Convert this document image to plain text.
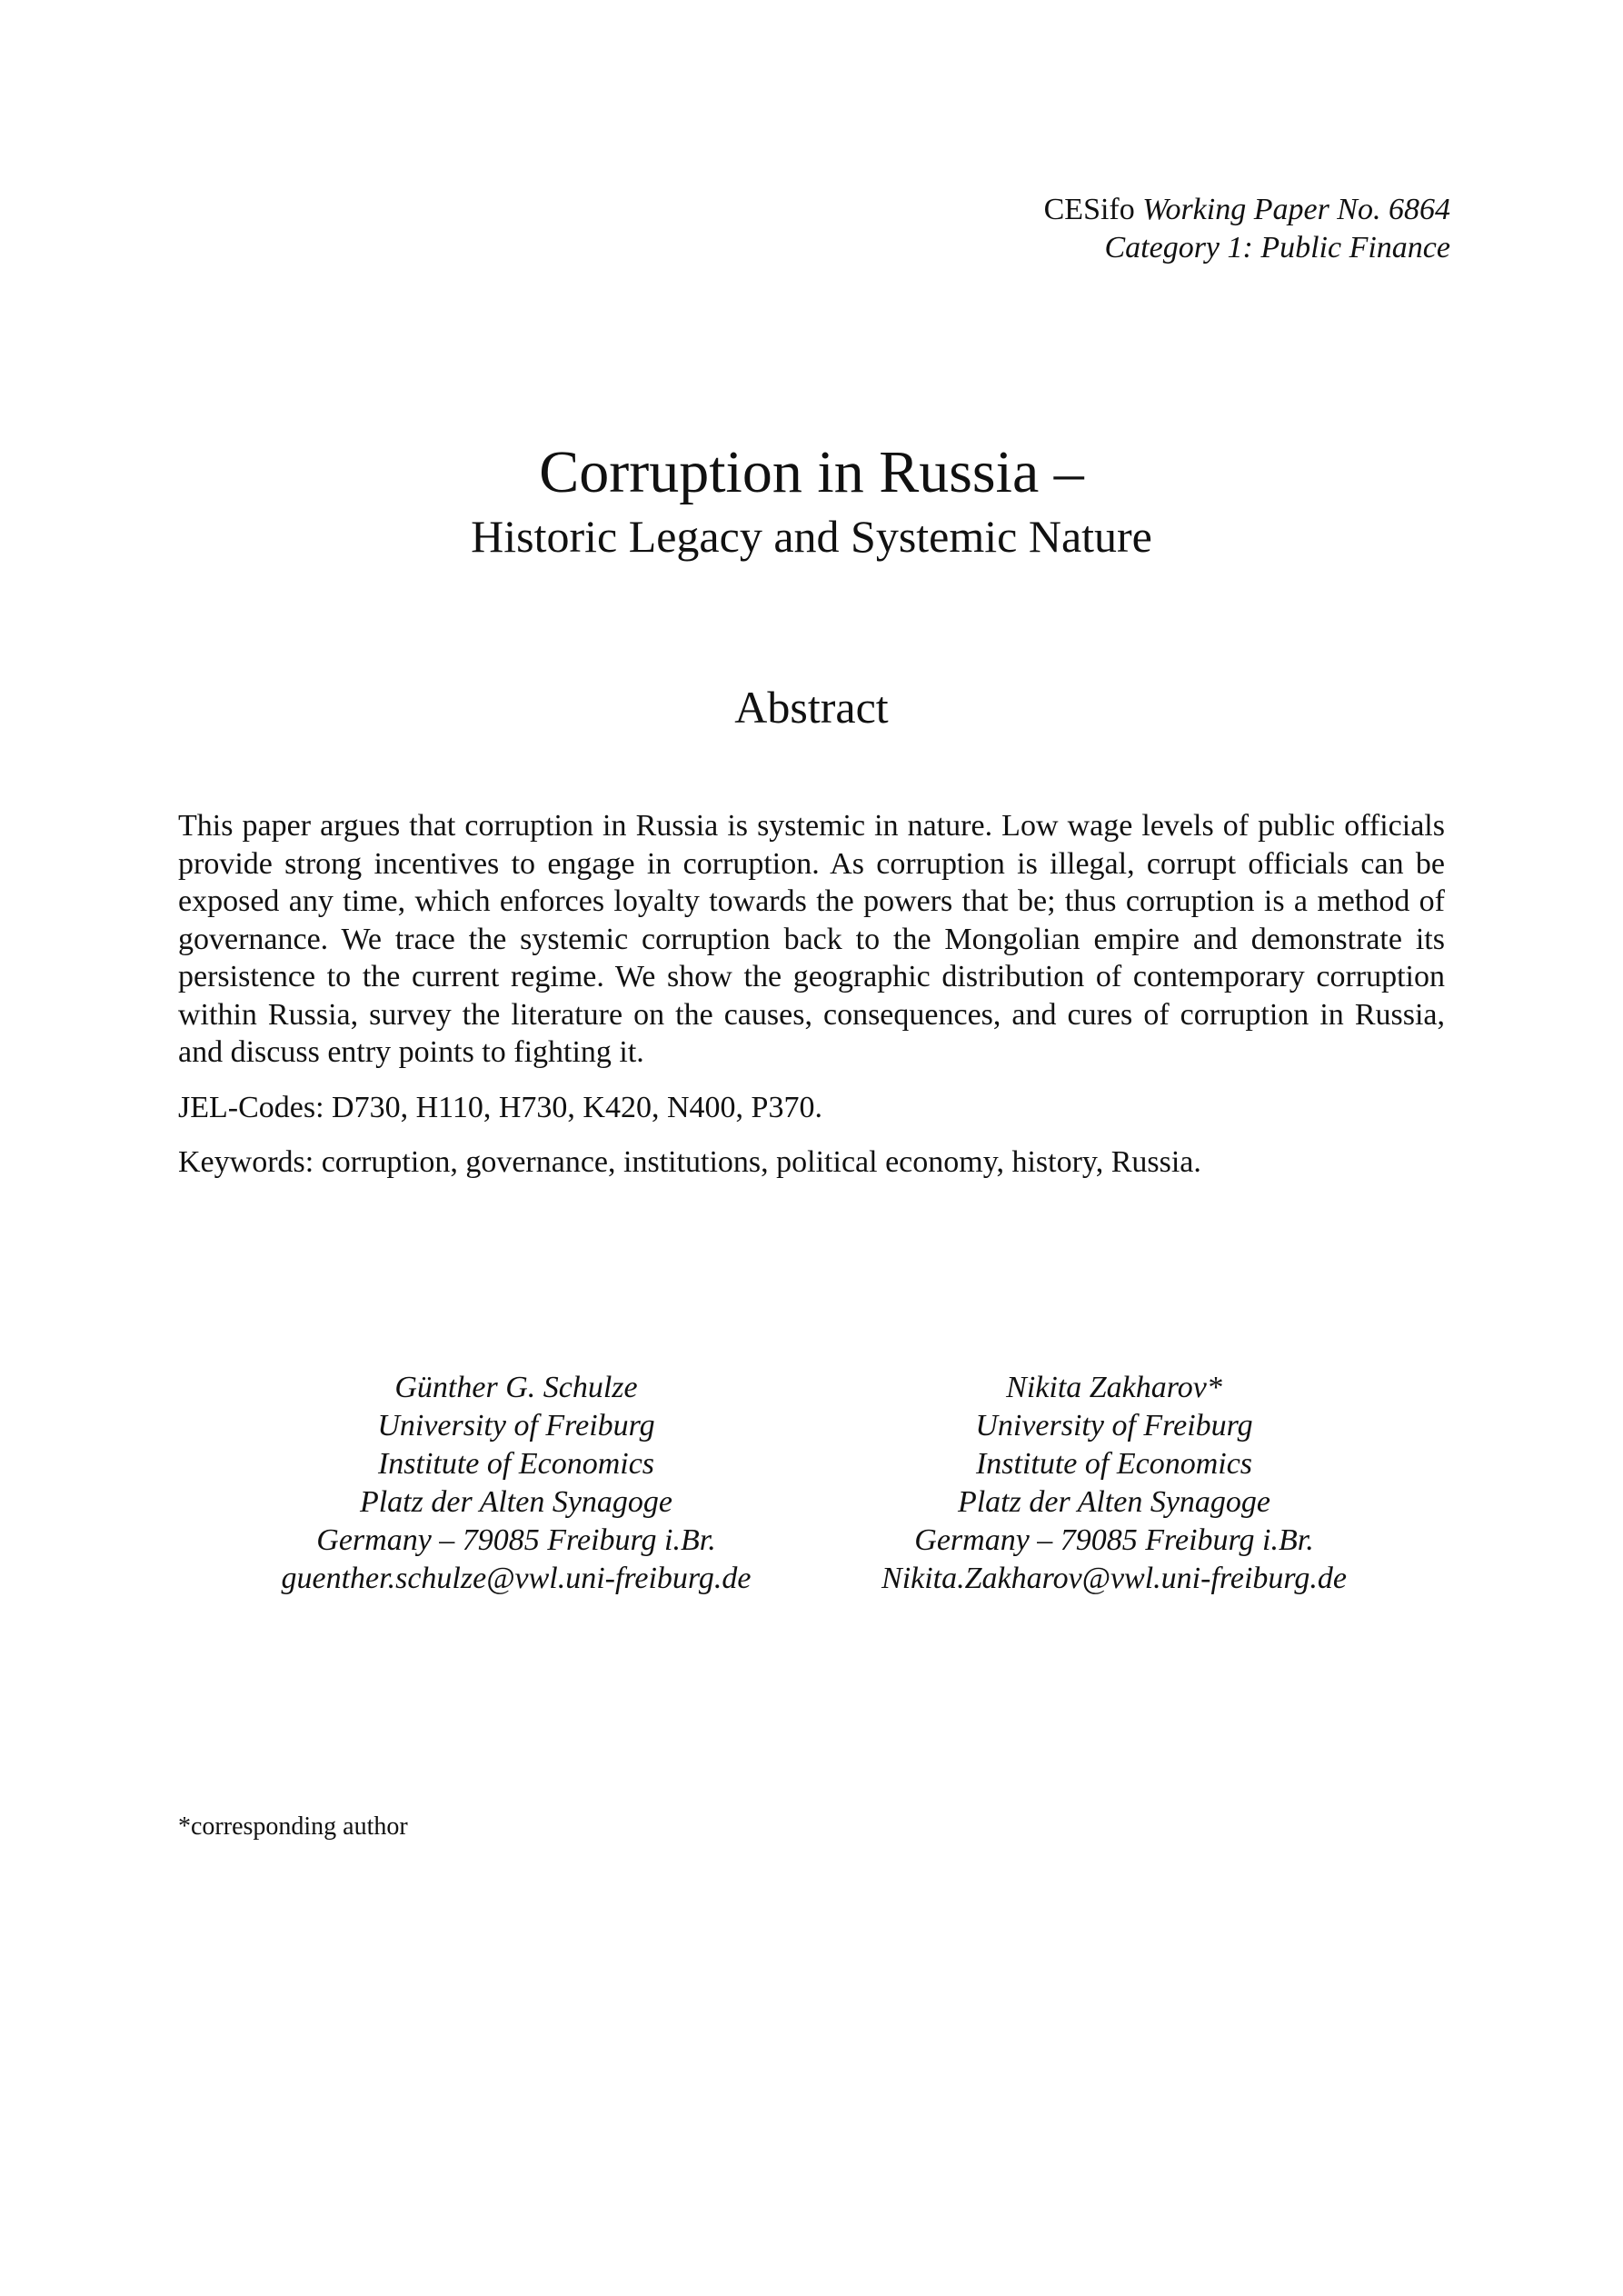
CESifo Working Paper No. 6864
Category 1: Public Finance
Corruption in Russia –
Historic Legacy and Systemic Nature
Abstract

This paper argues that corruption in Russia is systemic in nature. Low wage levels of public officials provide strong incentives to engage in corruption. As corruption is illegal, corrupt officials can be exposed any time, which enforces loyalty towards the powers that be; thus corruption is a method of governance. We trace the systemic corruption back to the Mongolian empire and demonstrate its persistence to the current regime. We show the geographic distribution of contemporary corruption within Russia, survey the literature on the causes, consequences, and cures of corruption in Russia, and discuss entry points to fighting it.

JEL-Codes: D730, H110, H730, K420, N400, P370.

Keywords: corruption, governance, institutions, political economy, history, Russia.

Günther G. Schulze
University of Freiburg
Institute of Economics
Platz der Alten Synagoge
Germany – 79085 Freiburg i.Br.
guenther.schulze@vwl.uni-freiburg.de
Nikita Zakharov*
University of Freiburg
Institute of Economics
Platz der Alten Synagoge
Germany – 79085 Freiburg i.Br.
Nikita.Zakharov@vwl.uni-freiburg.de

*corresponding author
